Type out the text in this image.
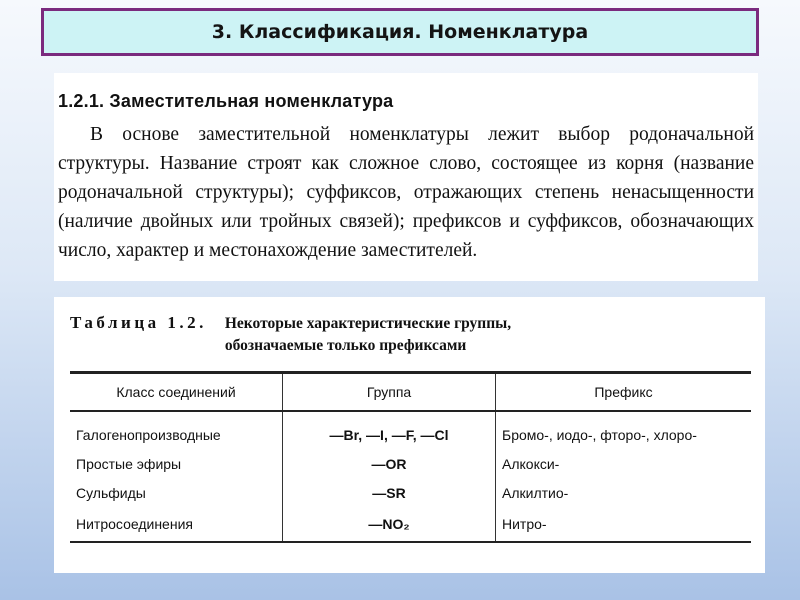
3. Классификация. Номенклатура
1.2.1. Заместительная номенклатура

В основе заместительной номенклатуры лежит выбор родоначальной структуры. Название строят как сложное слово, состоящее из корня (название родоначальной структуры); суффиксов, отражающих степень ненасыщенности (наличие двойных или тройных связей); префиксов и суффиксов, обозначающих число, характер и местонахождение заместителей.

Таблица 1.2. Некоторые характеристические группы,
обозначаемые только префиксами
Класс соединений	Группа	Префикс
Галогенопроизводные	—Br, —I, —F, —Cl	Бромо-, иодо-, фторо-, хлоро-
Простые эфиры	—OR	Алкокси-
Сульфиды	—SR	Алкилтио-
Нитросоединения	—NO₂	Нитро-
